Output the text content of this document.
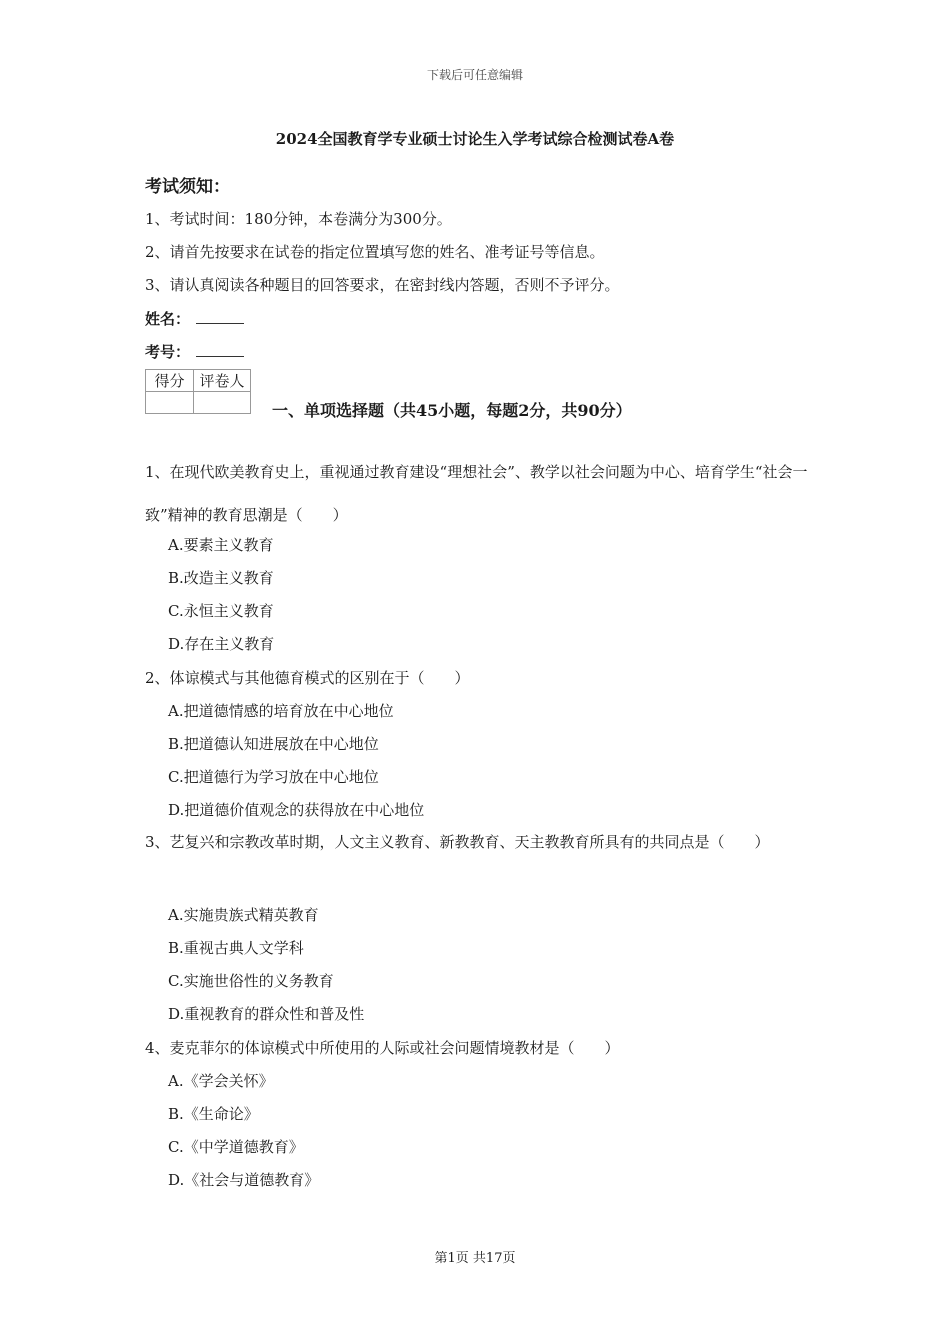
下载后可任意编辑
2024全国教育学专业硕士讨论生入学考试综合检测试卷A卷
考试须知：
1、考试时间：180分钟，本卷满分为300分。
2、请首先按要求在试卷的指定位置填写您的姓名、准考证号等信息。
3、请认真阅读各种题目的回答要求，在密封线内答题，否则不予评分。
姓名：
考号：
得分	评卷人

一、单项选择题（共45小题，每题2分，共90分）
1、在现代欧美教育史上，重视通过教育建设“理想社会”、教学以社会问题为中心、培育学生“社会一致”精神的教育思潮是（　　）
A.要素主义教育
B.改造主义教育
C.永恒主义教育
D.存在主义教育
2、体谅模式与其他德育模式的区别在于（　　）
A.把道德情感的培育放在中心地位
B.把道德认知进展放在中心地位
C.把道德行为学习放在中心地位
D.把道德价值观念的获得放在中心地位
3、艺复兴和宗教改革时期，人文主义教育、新教教育、天主教教育所具有的共同点是（　　）
A.实施贵族式精英教育
B.重视古典人文学科
C.实施世俗性的义务教育
D.重视教育的群众性和普及性
4、麦克菲尔的体谅模式中所使用的人际或社会问题情境教材是（　　）
A.《学会关怀》
B.《生命论》
C.《中学道德教育》
D.《社会与道德教育》
第1页 共17页
